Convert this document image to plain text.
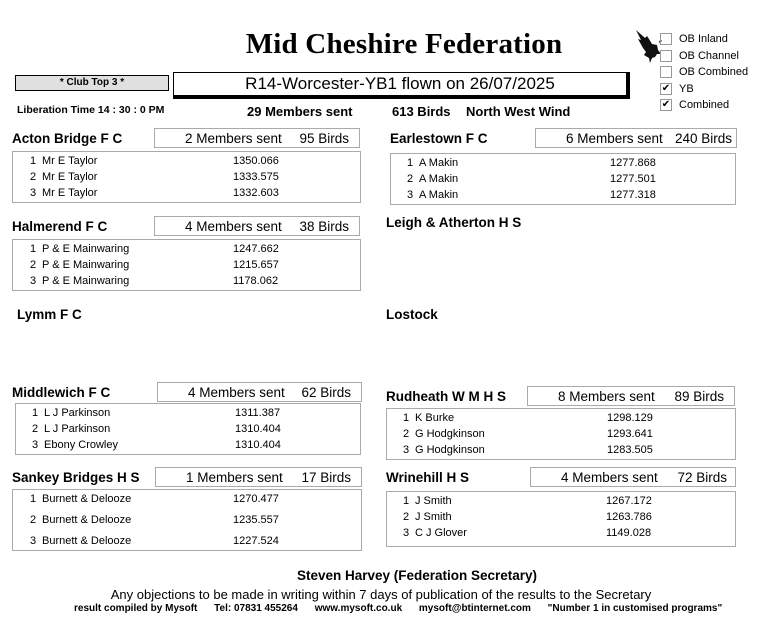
Mid Cheshire Federation	OB Inland
OB Channel
OB Combined
✔ YB
✔ Combined
* Club Top 3 *	R14-Worcester-YB1 flown on 26/07/2025
Liberation Time 14 : 30 : 0 PM	29 Members sent	613 Birds North West Wind
Acton Bridge F C	2 Members sent 95 Birds
1 Mr E Taylor	1350.066
2 Mr E Taylor	1333.575
3 Mr E Taylor	1332.603
Earlestown F C	6 Members sent 240 Birds
1 A Makin	1277.868
2 A Makin	1277.501
3 A Makin	1277.318
Halmerend F C	4 Members sent 38 Birds
1 P & E Mainwaring	1247.662
2 P & E Mainwaring	1215.657
3 P & E Mainwaring	1178.062
Leigh & Atherton H S
Lymm F C	Lostock
Middlewich F C	4 Members sent 62 Birds
1 L J Parkinson	1311.387
2 L J Parkinson	1310.404
3 Ebony Crowley	1310.404
Rudheath W M H S	8 Members sent 89 Birds
1 K Burke	1298.129
2 G Hodgkinson	1293.641
3 G Hodgkinson	1283.505
Sankey Bridges H S	1 Members sent 17 Birds
1 Burnett & Delooze	1270.477
2 Burnett & Delooze	1235.557
3 Burnett & Delooze	1227.524
Wrinehill H S	4 Members sent 72 Birds
1 J Smith	1267.172
2 J Smith	1263.786
3 C J Glover	1149.028
Steven Harvey (Federation Secretary)
Any objections to be made in writing within 7 days of publication of the results to the Secretary
result compiled by Mysoft Tel: 07831 455264 www.mysoft.co.uk mysoft@btinternet.com "Number 1 in customised programs"
